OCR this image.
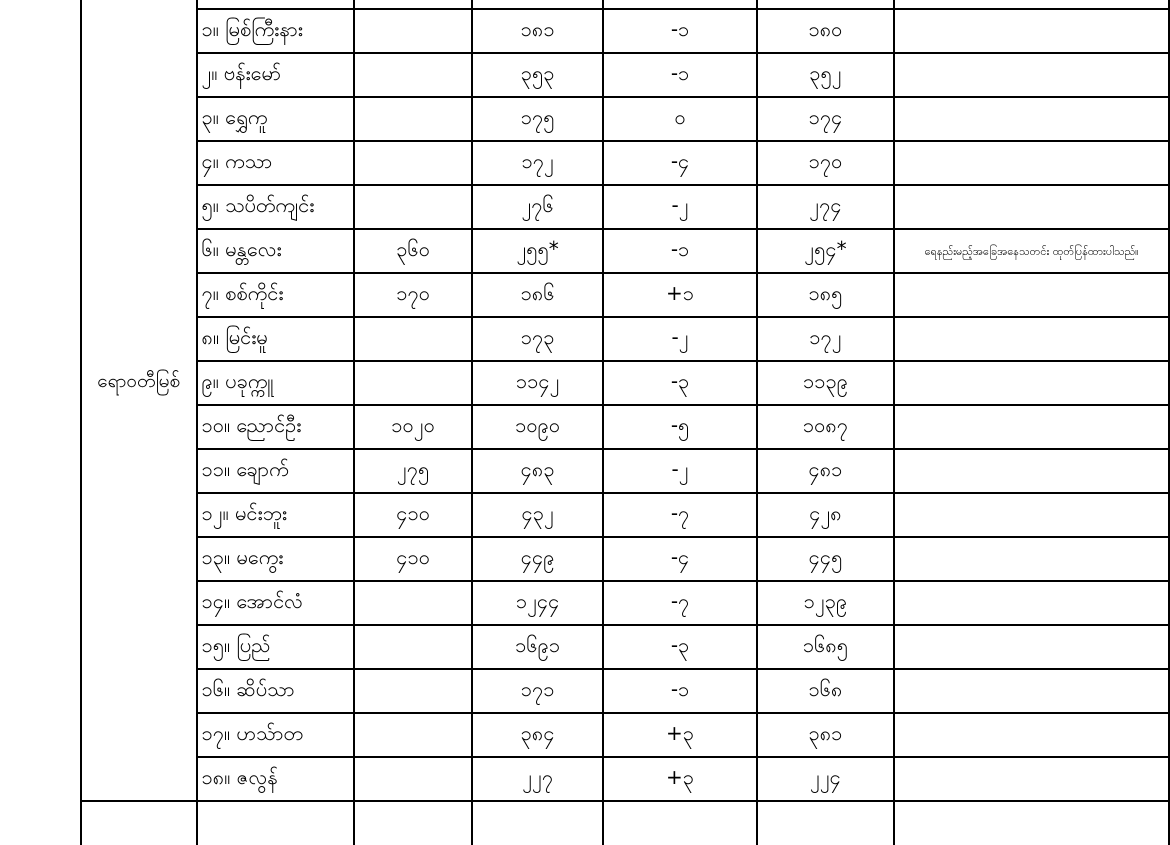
ရောဝတီမြစ်						
	၁။ မြစ်ကြီးနား		၁၈၁	-၁	၁၈၀	
	၂။ ဗန်းမော်		၃၅၃	-၁	၃၅၂	
	၃။ ရွှေကူ		၁၇၅	၀	၁၇၄	
	၄။ ကသာ		၁၇၂	-၄	၁၇၀	
	၅။ သပိတ်ကျင်း		၂၇၆	-၂	၂၇၄	
	၆။ မန္တလေး	၃၆၀	၂၅၅*	-၁	၂၅၄*	ရေနည်းမည့်အခြေအနေသတင်း ထုတ်ပြန်ထားပါသည်။
	၇။ စစ်ကိုင်း	၁၇၀	၁၈၆	+၁	၁၈၅	
	၈။ မြင်းမူ		၁၇၃	-၂	၁၇၂	
	၉။ ပခုက္ကူ		၁၁၄၂	-၃	၁၁၃၉	
	၁၀။ ညောင်ဦး	၁၀၂၀	၁၀၉၀	-၅	၁၀၈၇	
	၁၁။ ချောက်	၂၇၅	၄၈၃	-၂	၄၈၁	
	၁၂။ မင်းဘူး	၄၁၀	၄၃၂	-၇	၄၂၈	
	၁၃။ မကွေး	၄၁၀	၄၄၉	-၄	၄၄၅	
	၁၄။ အောင်လံ		၁၂၄၄	-၇	၁၂၃၉	
	၁၅။ ပြည်		၁၆၉၁	-၃	၁၆၈၅	
	၁၆။ ဆိပ်သာ		၁၇၁	-၁	၁၆၈	
	၁၇။ ဟသ်ာတ		၃၈၄	+၃	၃၈၁	
	၁၈။ ဇလွန်		၂၂၇	+၃	၂၂၄	
